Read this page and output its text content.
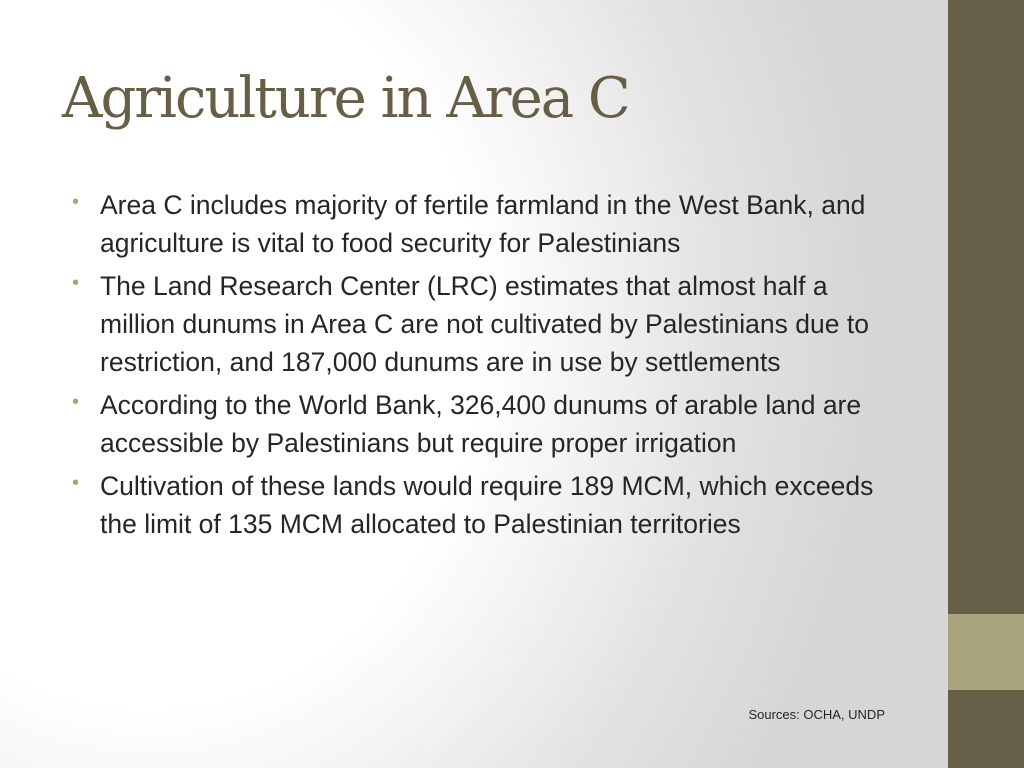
Agriculture in Area C
• Area C includes majority of fertile farmland in the West Bank, and agriculture is vital to food security for Palestinians
• The Land Research Center (LRC) estimates that almost half a million dunums in Area C are not cultivated by Palestinians due to restriction, and 187,000 dunums are in use by settlements
• According to the World Bank, 326,400 dunums of arable land are accessible by Palestinians but require proper irrigation
• Cultivation of these lands would require 189 MCM, which exceeds the limit of 135 MCM allocated to Palestinian territories
Sources: OCHA, UNDP
